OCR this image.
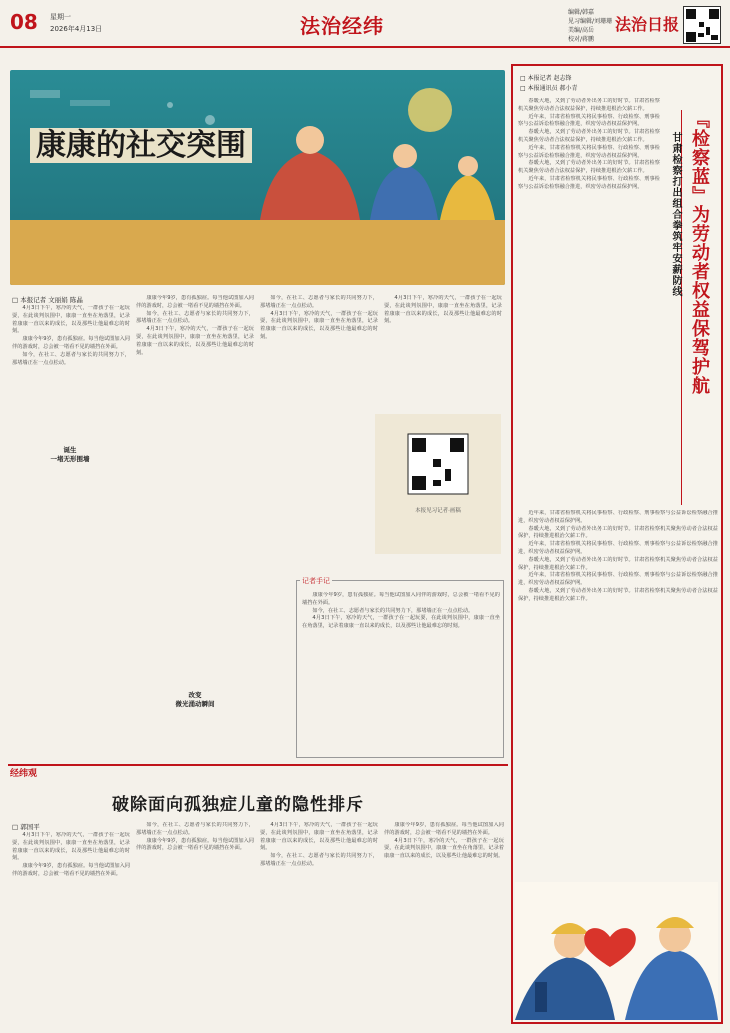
08 星期一
2026年4月13日	法治经纬
编辑/韩嘉
见习编辑/刘珊珊
美编/高岳
校对/蒋鹏
法治日报
康康的社交突围
□ 本报记者 文丽娟 陈晶

4月3日下午，寒冷的天气，一群孩子在一起玩耍，在此谈判氛围中，康康一直坐在角落里，记录着康康一直以来的成长，以及那些让他最难忘的时刻。

康康今年9岁，患有孤独症。每当他试图加入同伴的游戏时，总会被一堵看不见的墙挡在外面。

如今，在社工、志愿者与家长的共同努力下，那堵墙正在一点点松动。

诞生
一堵无形围墙

康康今年9岁，患有孤独症。每当他试图加入同伴的游戏时，总会被一堵看不见的墙挡在外面。

如今，在社工、志愿者与家长的共同努力下，那堵墙正在一点点松动。

4月3日下午，寒冷的天气，一群孩子在一起玩耍，在此谈判氛围中，康康一直坐在角落里，记录着康康一直以来的成长，以及那些让他最难忘的时刻。

改变
微光涌动瞬间

如今，在社工、志愿者与家长的共同努力下，那堵墙正在一点点松动。

4月3日下午，寒冷的天气，一群孩子在一起玩耍，在此谈判氛围中，康康一直坐在角落里，记录着康康一直以来的成长，以及那些让他最难忘的时刻。

4月3日下午，寒冷的天气，一群孩子在一起玩耍，在此谈判氛围中，康康一直坐在角落里，记录着康康一直以来的成长，以及那些让他最难忘的时刻。

本报见习记者·画稿
记者手记

康康今年9岁，患有孤独症。每当他试图加入同伴的游戏时，总会被一堵看不见的墙挡在外面。

如今，在社工、志愿者与家长的共同努力下，那堵墙正在一点点松动。

4月3日下午，寒冷的天气，一群孩子在一起玩耍，在此谈判氛围中，康康一直坐在角落里，记录着康康一直以来的成长，以及那些让他最难忘的时刻。

经纬观
破除面向孤独症儿童的隐性排斥
□ 郭国平

4月3日下午，寒冷的天气，一群孩子在一起玩耍，在此谈判氛围中，康康一直坐在角落里，记录着康康一直以来的成长，以及那些让他最难忘的时刻。

康康今年9岁，患有孤独症。每当他试图加入同伴的游戏时，总会被一堵看不见的墙挡在外面。

如今，在社工、志愿者与家长的共同努力下，那堵墙正在一点点松动。

康康今年9岁，患有孤独症。每当他试图加入同伴的游戏时，总会被一堵看不见的墙挡在外面。

4月3日下午，寒冷的天气，一群孩子在一起玩耍，在此谈判氛围中，康康一直坐在角落里，记录着康康一直以来的成长，以及那些让他最难忘的时刻。

如今，在社工、志愿者与家长的共同努力下，那堵墙正在一点点松动。

康康今年9岁，患有孤独症。每当他试图加入同伴的游戏时，总会被一堵看不见的墙挡在外面。

4月3日下午，寒冷的天气，一群孩子在一起玩耍，在此谈判氛围中，康康一直坐在角落里，记录着康康一直以来的成长，以及那些让他最难忘的时刻。

□ 本报记者 赵志锋
□ 本报通讯员 郝小青
『检察蓝』为劳动者权益保驾护航
甘肃检察打出组合拳筑牢安薪防线

春暖大地，又到了劳动者外出务工的好时节。甘肃省检察机关聚焦劳动者合法权益保护，持续推进根治欠薪工作。

近年来，甘肃省检察机关将民事检察、行政检察、刑事检察与公益诉讼检察融合推进，织密劳动者权益保护网。

春暖大地，又到了劳动者外出务工的好时节。甘肃省检察机关聚焦劳动者合法权益保护，持续推进根治欠薪工作。

近年来，甘肃省检察机关将民事检察、行政检察、刑事检察与公益诉讼检察融合推进，织密劳动者权益保护网。

春暖大地，又到了劳动者外出务工的好时节。甘肃省检察机关聚焦劳动者合法权益保护，持续推进根治欠薪工作。

近年来，甘肃省检察机关将民事检察、行政检察、刑事检察与公益诉讼检察融合推进，织密劳动者权益保护网。

近年来，甘肃省检察机关将民事检察、行政检察、刑事检察与公益诉讼检察融合推进，织密劳动者权益保护网。

春暖大地，又到了劳动者外出务工的好时节。甘肃省检察机关聚焦劳动者合法权益保护，持续推进根治欠薪工作。

近年来，甘肃省检察机关将民事检察、行政检察、刑事检察与公益诉讼检察融合推进，织密劳动者权益保护网。

春暖大地，又到了劳动者外出务工的好时节。甘肃省检察机关聚焦劳动者合法权益保护，持续推进根治欠薪工作。

近年来，甘肃省检察机关将民事检察、行政检察、刑事检察与公益诉讼检察融合推进，织密劳动者权益保护网。

春暖大地，又到了劳动者外出务工的好时节。甘肃省检察机关聚焦劳动者合法权益保护，持续推进根治欠薪工作。
